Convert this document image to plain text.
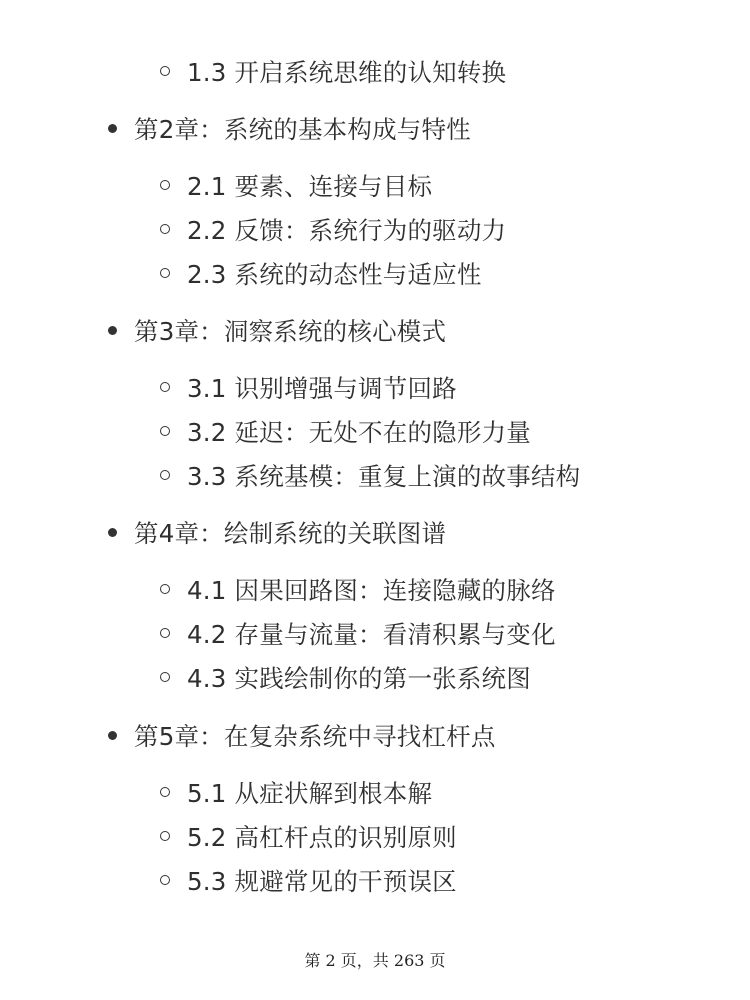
1.3 开启系统思维的认知转换
第2章：系统的基本构成与特性
2.1 要素、连接与目标
2.2 反馈：系统行为的驱动力
2.3 系统的动态性与适应性
第3章：洞察系统的核心模式
3.1 识别增强与调节回路
3.2 延迟：无处不在的隐形力量
3.3 系统基模：重复上演的故事结构
第4章：绘制系统的关联图谱
4.1 因果回路图：连接隐藏的脉络
4.2 存量与流量：看清积累与变化
4.3 实践绘制你的第一张系统图
第5章：在复杂系统中寻找杠杆点
5.1 从症状解到根本解
5.2 高杠杆点的识别原则
5.3 规避常见的干预误区
第 2 页，共 263 页
